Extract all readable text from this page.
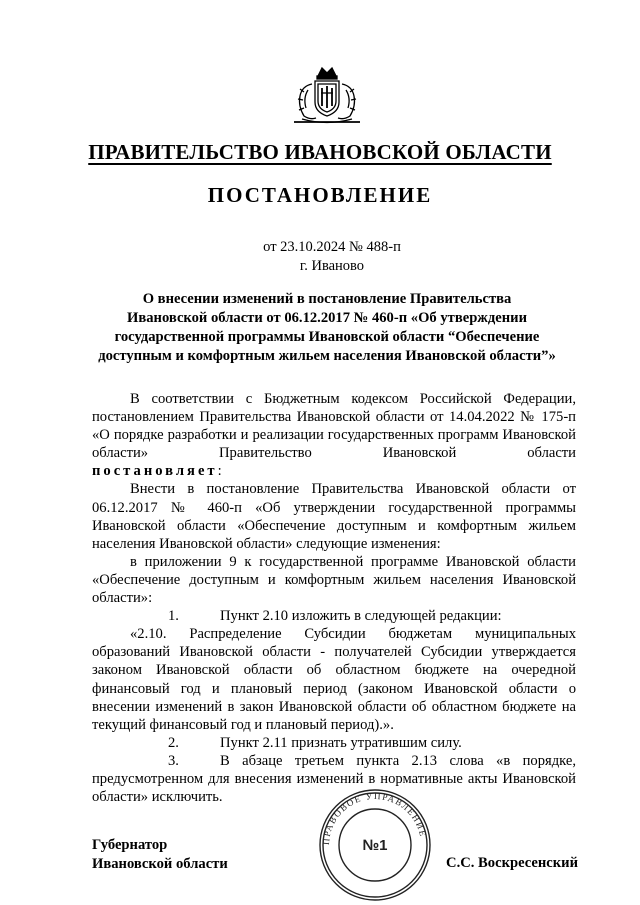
ПРАВИТЕЛЬСТВО ИВАНОВСКОЙ ОБЛАСТИ
ПОСТАНОВЛЕНИЕ
от 23.10.2024 № 488-п
г. Иваново
О внесении изменений в постановление Правительства
Ивановской области от 06.12.2017 № 460-п «Об утверждении
государственной программы Ивановской области “Обеспечение
доступным и комфортным жильем населения Ивановской области”»

В соответствии с Бюджетным кодексом Российской Федерации, постановлением Правительства Ивановской области от 14.04.2022 № 175-п «О порядке разработки и реализации государственных программ Ивановской области» Правительство Ивановской области

постановляет:

Внести в постановление Правительства Ивановской области от 06.12.2017 № 460-п «Об утверждении государственной программы Ивановской области «Обеспечение доступным и комфортным жильем населения Ивановской области» следующие изменения:

в приложении 9 к государственной программе Ивановской области «Обеспечение доступным и комфортным жильем населения Ивановской области»:

1.	Пункт 2.10 изложить в следующей редакции:

«2.10. Распределение Субсидии бюджетам муниципальных образований Ивановской области - получателей Субсидии утверждается законом Ивановской области об областном бюджете на очередной финансовый год и плановый период (законом Ивановской области о внесении изменений в закон Ивановской области об областном бюджете на текущий финансовый год и плановый период).».

2.	Пункт 2.11 признать утратившим силу.

3.	В абзаце третьем пункта 2.13 слова «в порядке, предусмотренном для внесения изменений в нормативные акты Ивановской области» исключить.

ПРАВОВОЕ УПРАВЛЕНИЕ
№1
Губернатор
Ивановской области	С.С. Воскресенский
